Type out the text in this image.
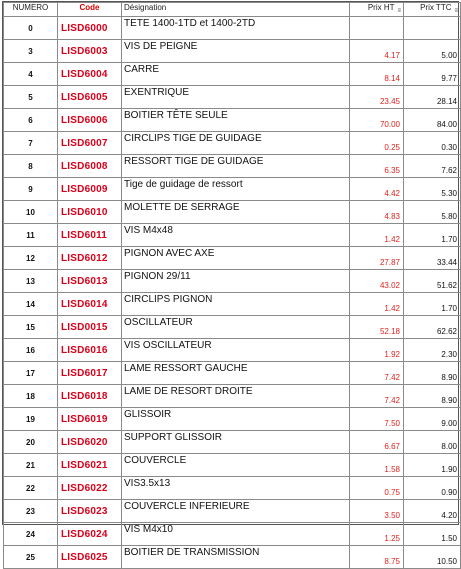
NUMERO	Code	Désignation	Prix HT $_\equiv$	Prix TTC $_\equiv$
0	LISD6000	TETE 1400-1TD et 1400-2TD		
3	LISD6003	VIS DE PEIGNE	4.17	5.00
4	LISD6004	CARRE	8.14	9.77
5	LISD6005	EXENTRIQUE	23.45	28.14
6	LISD6006	BOITIER TÊTE SEULE	70.00	84.00
7	LISD6007	CIRCLIPS TIGE DE GUIDAGE	0.25	0.30
8	LISD6008	RESSORT TIGE DE GUIDAGE	6.35	7.62
9	LISD6009	Tige de guidage de ressort	4.42	5.30
10	LISD6010	MOLETTE DE SERRAGE	4.83	5.80
11	LISD6011	VIS M4x48	1.42	1.70
12	LISD6012	PIGNON AVEC AXE	27.87	33.44
13	LISD6013	PIGNON 29/11	43.02	51.62
14	LISD6014	CIRCLIPS PIGNON	1.42	1.70
15	LISD0015	OSCILLATEUR	52.18	62.62
16	LISD6016	VIS OSCILLATEUR	1.92	2.30
17	LISD6017	LAME RESSORT GAUCHE	7.42	8.90
18	LISD6018	LAME DE RESORT DROITE	7.42	8.90
19	LISD6019	GLISSOIR	7.50	9.00
20	LISD6020	SUPPORT GLISSOIR	6.67	8.00
21	LISD6021	COUVERCLE	1.58	1.90
22	LISD6022	VIS3.5x13	0.75	0.90
23	LISD6023	COUVERCLE INFERIEURE	3.50	4.20
24	LISD6024	VIS M4x10	1.25	1.50
25	LISD6025	BOITIER DE TRANSMISSION	8.75	10.50
